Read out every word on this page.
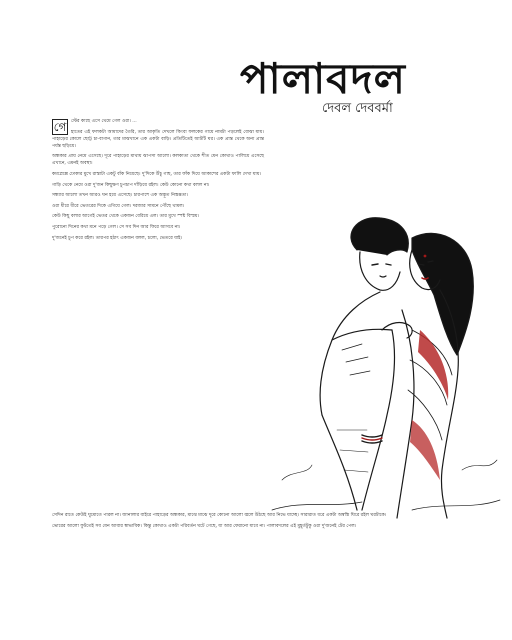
পালাবদল
দেবল দেববর্মা

গে	স্টের কাছে এসে থেমে গেল ওরা। ...

হাতের এই ফলকটা আমাদের তৈরি, তার আকৃতি দেখলে কিংবা ফলকের গায়ে নামটা পড়লেই বোঝা যায়। পাহাড়ের কোলে ছোট্ট চা-বাগান, তার মাঝখানে এক একটা বাড়ি। প্রতিটিতেই আটটি ঘর। এক প্রান্ত থেকে অন্য প্রান্ত পর্যন্ত ছড়িয়ে।

অন্ধকার প্রায় নেমে এসেছে। দূরে পাহাড়ের মাথায় ঝাপসা আলো। কলকাতা থেকে শীত যেন কোথাও পালিয়ে এসেছে এখানে, এমনই অবস্থা।

কমপ্লেক্সে ঢোকার মুখে রাস্তাটা একটু বাঁক নিয়েছে। দু'দিকে উঁচু গাছ, তার ফাঁক দিয়ে আকাশের একটা ফালি দেখা যায়।

গাড়ি থেকে নেমে ওরা দু'জন কিছুক্ষণ চুপচাপ দাঁড়িয়ে রইল। কেউ কোনো কথা বলল না।

সন্ধ্যার আলো তখন আরও ঘন হয়ে এসেছে। চারপাশে এক অদ্ভুত নিস্তব্ধতা।

ওরা ধীরে ধীরে ভেতরের দিকে এগিয়ে গেল। দরজার সামনে পৌঁছে থামল।

কেউ কিছু বলার আগেই ভেতর থেকে একজন বেরিয়ে এল। তার মুখে স্পষ্ট বিস্ময়।

পুরোনো দিনের কথা মনে পড়ে গেল। সে সব দিন আর ফিরে আসবে না।

দু'জনেই চুপ করে রইল। তারপর হঠাৎ একজন বলল, চলো, ভেতরে যাই।

সেদিন রাতে কেউই ঘুমোতে পারল না। জানালার বাইরে পাহাড়ের অন্ধকার, মাঝে মাঝে দূরে কোনো আলো জ্বলে উঠছে আর নিভে যাচ্ছে। সারারাত ধরে একটা অস্বস্তি ঘিরে রইল ঘরটাকে।

ভোরের আলো ফুটতেই সব যেন আবার স্বাভাবিক। কিন্তু কোথাও একটা পরিবর্তন ঘটে গেছে, যা আর ফেরানো যাবে না। পালাবদলের এই মুহূর্তটুকু ওরা দু'জনেই টের পেল।
